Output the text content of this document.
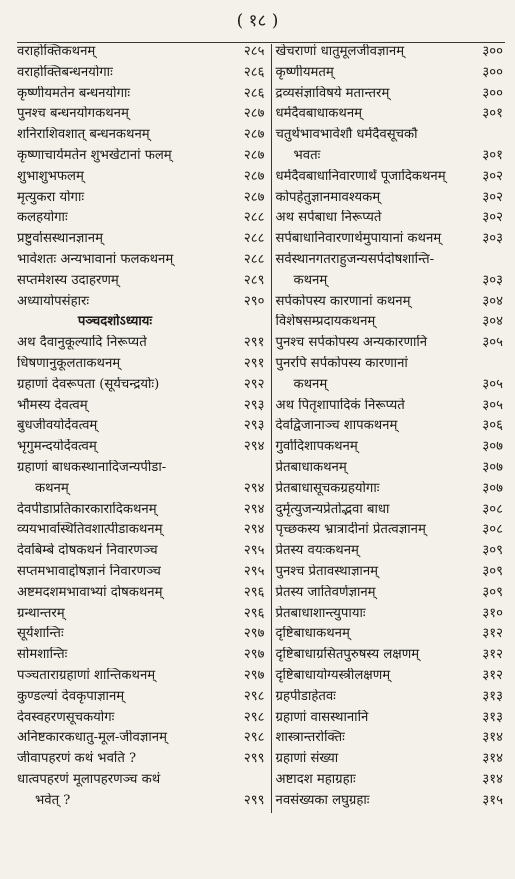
( १८ )
वराहोक्तिकथनम्	२८५	खेचराणां धातुमूलजीवज्ञानम्	३००
वराहोक्तिबन्धनयोगाः	२८६	कृष्णीयमतम्	३००
कृष्णीयमतेन बन्धनयोगाः	२८६	द्रव्यसंज्ञाविषये मतान्तरम्	३००
पुनश्च बन्धनयोगकथनम्	२८७	धर्मदैवबाधाकथनम्	३०१
शनिराशिवशात् बन्धनकथनम्	२८७	चतुर्थभावभावेशौ धर्मदैवसूचकौ	
कृष्णाचार्यमतेन शुभखेटानां फलम्	२८७	भवतः	३०१
शुभाशुभफलम्	२८७	धर्मदैवबाधानिवारणार्थं पूजादिकथनम्	३०२
मृत्युकरा योगाः	२८७	कोपहेतुज्ञानमावश्यकम्	३०२
कलहयोगाः	२८८	अथ सर्पबाधा निरूप्यते	३०२
प्रष्टुर्वासस्थानज्ञानम्	२८८	सर्पबाधानिवारणार्थमुपायानां कथनम्	३०३
भावेशतः अन्यभावानां फलकथनम्	२८८	सर्वस्थानगतराहुजन्यसर्पदोषशान्ति-	
सप्तमेशस्य उदाहरणम्	२८९	कथनम्	३०३
अध्यायोपसंहारः	२९०	सर्पकोपस्य कारणानां कथनम्	३०४
पञ्चदशोऽध्यायः		विशेषसम्प्रदायकथनम्	३०४
अथ दैवानुकूल्यादि निरूप्यते	२९१	पुनश्च सर्पकोपस्य अन्यकारणानि	३०५
धिषणानुकूलताकथनम्	२९१	पुनरपि सर्पकोपस्य कारणानां	
ग्रहाणां देवरूपता (सूर्यचन्द्रयोः)	२९२	कथनम्	३०५
भौमस्य देवत्वम्	२९३	अथ पितृशापादिकं निरूप्यते	३०५
बुधजीवयोर्देवत्वम्	२९३	देवद्विजानाञ्च शापकथनम्	३०६
भृगुमन्दयोर्देवत्वम्	२९४	गुर्वादिशापकथनम्	३०७
ग्रहाणां बाधकस्थानादिजन्यपीडा-		प्रेतबाधाकथनम्	३०७
कथनम्	२९४	प्रेतबाधासूचकग्रहयोगाः	३०७
देवपीडाप्रतिकारकारादिकथनम्	२९४	दुर्मृत्युजन्यप्रेतोद्भवा बाधा	३०८
व्ययभावस्थितिवशात्पीडाकथनम्	२९४	पृच्छकस्य भ्रात्रादीनां प्रेतत्वज्ञानम्	३०८
देवबिम्बे दोषकथनं निवारणञ्च	२९५	प्रेतस्य वयःकथनम्	३०९
सप्तमभावाद्दोषज्ञानं निवारणञ्च	२९५	पुनश्च प्रेतावस्थाज्ञानम्	३०९
अष्टमदशमभावाभ्यां दोषकथनम्	२९६	प्रेतस्य जातिवर्णज्ञानम्	३०९
ग्रन्थान्तरम्	२९६	प्रेतबाधाशान्त्युपायाः	३१०
सूर्यशान्तिः	२९७	दृष्टिबाधाकथनम्	३१२
सोमशान्तिः	२९७	दृष्टिबाधाग्रसितपुरुषस्य लक्षणम्	३१२
पञ्चताराग्रहाणां शान्तिकथनम्	२९७	दृष्टिबाधायोग्यस्त्रीलक्षणम्	३१२
कुण्डल्यां देवकृपाज्ञानम्	२९८	ग्रहपीडाहेतवः	३१३
देवस्वहरणसूचकयोगः	२९८	ग्रहाणां वासस्थानानि	३१३
अनिष्टकारकधातु-मूल-जीवज्ञानम्	२९८	शास्त्रान्तरोक्तिः	३१४
जीवापहरणं कथं भवति ?	२९९	ग्रहाणां संख्या	३१४
धात्वपहरणं मूलापहरणञ्च कथं		अष्टादश महाग्रहाः	३१४
भवेत् ?	२९९	नवसंख्यका लघुग्रहाः	३१५
